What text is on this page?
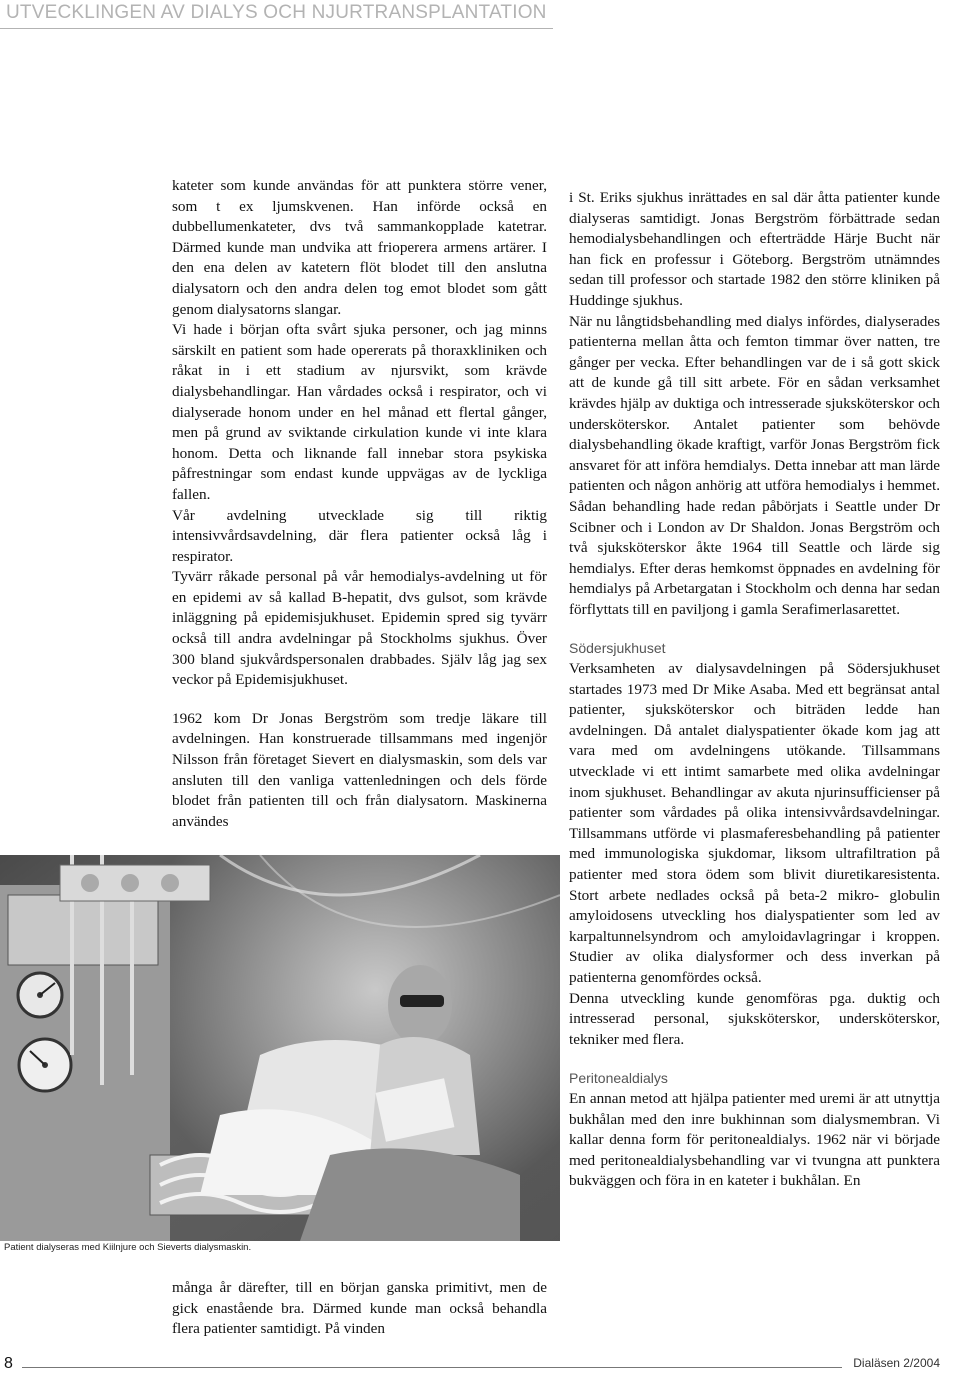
UTVECKLINGEN AV DIALYS OCH NJURTRANSPLANTATION

kateter som kunde användas för att punktera större vener, som t ex ljumskvenen. Han införde också en dubbellumenkateter, dvs två sammankopplade katetrar. Därmed kunde man undvika att frioperera armens artärer. I den ena delen av katetern flöt blodet till den anslutna dialysatorn och den andra delen tog emot blodet som gått genom dialysatorns slangar.

Vi hade i början ofta svårt sjuka personer, och jag minns särskilt en patient som hade opererats på thoraxkliniken och råkat in i ett stadium av njursvikt, som krävde dialysbehandlingar. Han vårdades också i respirator, och vi dialyserade honom under en hel månad ett flertal gånger, men på grund av sviktande cirkulation kunde vi inte klara honom. Detta och liknande fall innebar stora psykiska påfrestningar som endast kunde uppvägas av de lyckliga fallen.

Vår avdelning utvecklade sig till riktig intensivvårdsavdelning, där flera patienter också låg i respirator.

Tyvärr råkade personal på vår hemodialys-avdelning ut för en epidemi av så kallad B-hepatit, dvs gulsot, som krävde inläggning på epidemisjukhuset. Epidemin spred sig tyvärr också till andra avdelningar på Stockholms sjukhus. Över 300 bland sjukvårdspersonalen drabbades. Själv låg jag sex veckor på Epidemisjukhuset.

1962 kom Dr Jonas Bergström som tredje läkare till avdelningen. Han konstruerade tillsammans med ingenjör Nilsson från företaget Sievert en dialysmaskin, som dels var ansluten till den vanliga vattenledningen och dels förde blodet från patienten till och från dialysatorn. Maskinerna användes

Patient dialyseras med Kiilnjure och Sieverts dialysmaskin.

många år därefter, till en början ganska primitivt, men de gick enastående bra. Därmed kunde man också behandla flera patienter samtidigt. På vinden

i St. Eriks sjukhus inrättades en sal där åtta patienter kunde dialyseras samtidigt. Jonas Bergström förbättrade sedan hemodialysbehandlingen och efterträdde Härje Bucht när han fick en professur i Göteborg. Bergström utnämndes sedan till professor och startade 1982 den större kliniken på Huddinge sjukhus.

När nu långtidsbehandling med dialys infördes, dialyserades patienterna mellan åtta och femton timmar över natten, tre gånger per vecka. Efter behandlingen var de i så gott skick att de kunde gå till sitt arbete. För en sådan verksamhet krävdes hjälp av duktiga och intresserade sjuksköterskor och undersköterskor. Antalet patienter som behövde dialysbehandling ökade kraftigt, varför Jonas Bergström fick ansvaret för att införa hemdialys. Detta innebar att man lärde patienten och någon anhörig att utföra hemodialys i hemmet. Sådan behandling hade redan påbörjats i Seattle under Dr Scibner och i London av Dr Shaldon. Jonas Bergström och två sjuksköterskor åkte 1964 till Seattle och lärde sig hemdialys. Efter deras hemkomst öppnades en avdelning för hemdialys på Arbetargatan i Stockholm och denna har sedan förflyttats till en paviljong i gamla Serafimerlasarettet.

Södersjukhuset

Verksamheten av dialysavdelningen på Södersjukhuset startades 1973 med Dr Mike Asaba. Med ett begränsat antal patienter, sjuksköterskor och biträden ledde han avdelningen. Då antalet dialyspatienter ökade kom jag att vara med om avdelningens utökande. Tillsammans utvecklade vi ett intimt samarbete med olika avdelningar inom sjukhuset. Behandlingar av akuta njurinsufficienser på patienter som vårdades på olika intensivvårdsavdelningar. Tillsammans utförde vi plasmaferesbehandling på patienter med immunologiska sjukdomar, liksom ultrafiltration på patienter med stora ödem som blivit diuretikaresistenta. Stort arbete nedlades också på beta-2 mikro- globulin amyloidosens utveckling hos dialyspatienter som led av karpaltunnelsyndrom och amyloidavlagringar i kroppen. Studier av olika dialysformer och dess inverkan på patienterna genomfördes också.

Denna utveckling kunde genomföras pga. duktig och intresserad personal, sjuksköterskor, undersköterskor, tekniker med flera.

Peritonealdialys

En annan metod att hjälpa patienter med uremi är att utnyttja bukhålan med den inre bukhinnan som dialysmembran. Vi kallar denna form för peritonealdialys. 1962 när vi började med peritonealdialysbehandling var vi tvungna att punktera bukväggen och föra in en kateter i bukhålan. En

8	Dialäsen 2/2004
